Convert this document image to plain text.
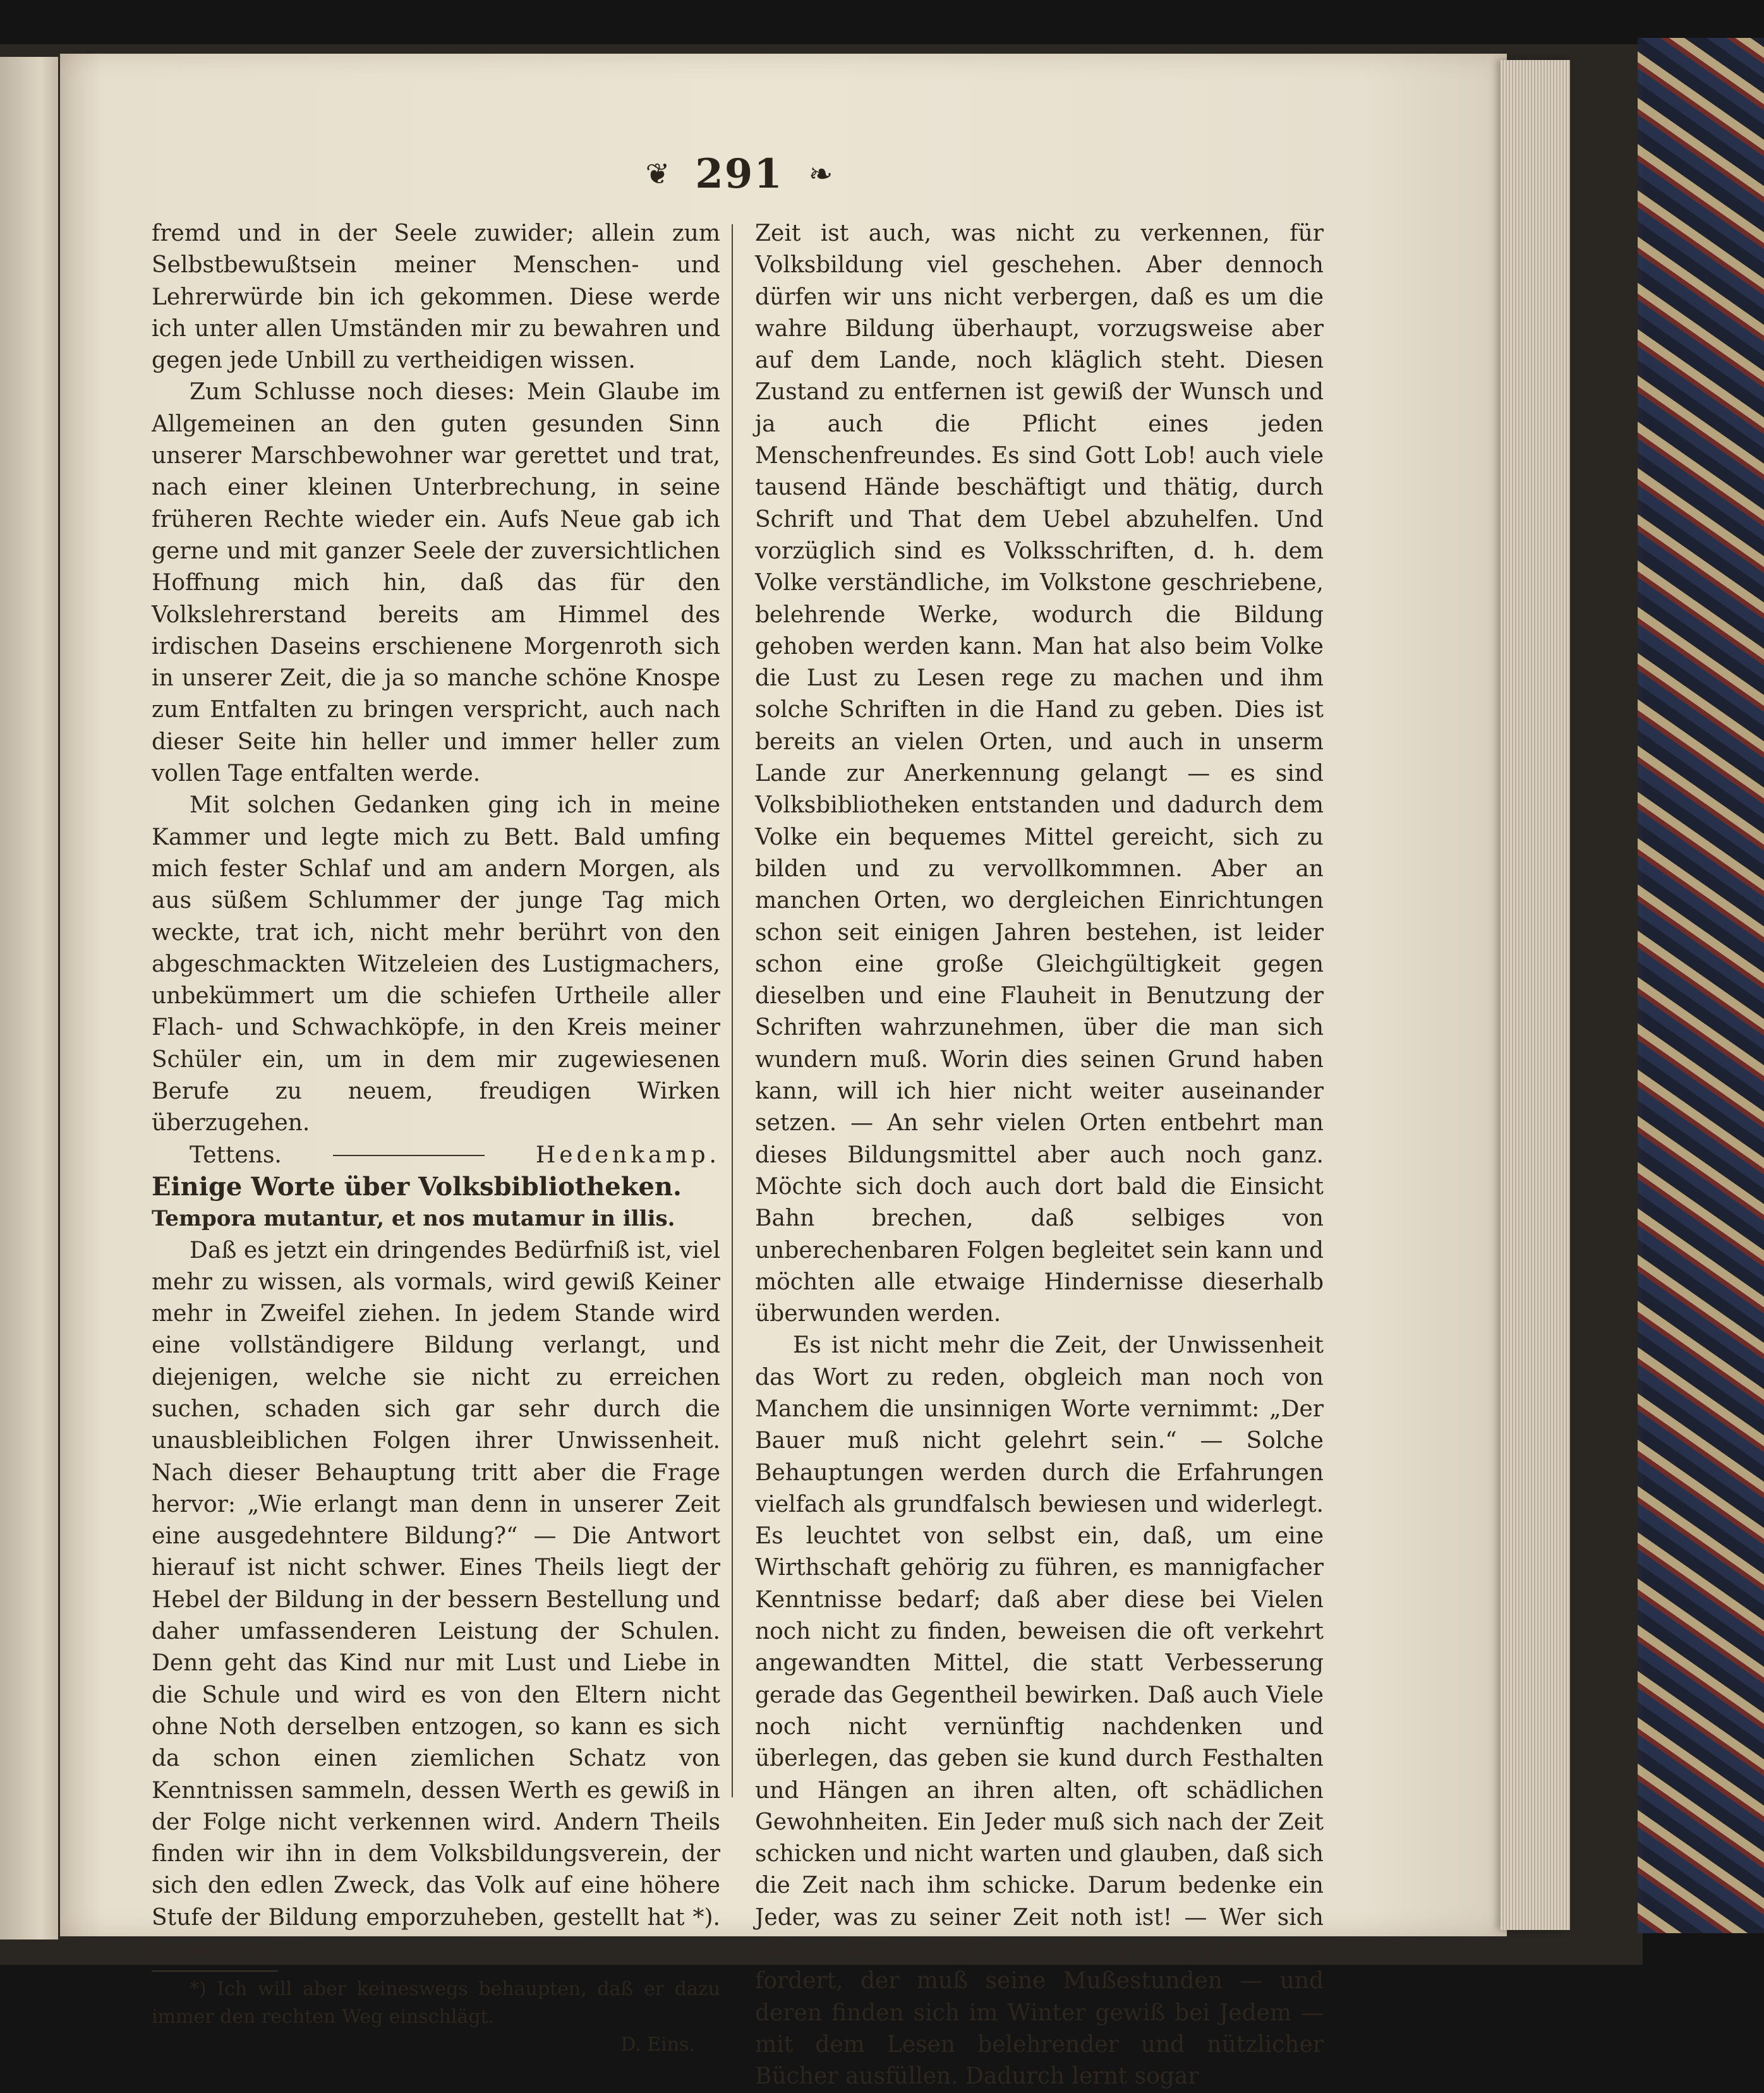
❦ 291 ❧

fremd und in der Seele zuwider; allein zum Selbstbewußtsein meiner Menschen- und Lehrerwürde bin ich gekommen. Diese werde ich unter allen Umständen mir zu bewahren und gegen jede Unbill zu vertheidigen wissen.

Zum Schlusse noch dieses: Mein Glaube im Allgemeinen an den guten gesunden Sinn unserer Marschbewohner war gerettet und trat, nach einer kleinen Unterbrechung, in seine früheren Rechte wieder ein. Aufs Neue gab ich gerne und mit ganzer Seele der zuversichtlichen Hoffnung mich hin, daß das für den Volkslehrerstand bereits am Himmel des irdischen Daseins erschienene Morgenroth sich in unserer Zeit, die ja so manche schöne Knospe zum Entfalten zu bringen verspricht, auch nach dieser Seite hin heller und immer heller zum vollen Tage entfalten werde.

Mit solchen Gedanken ging ich in meine Kammer und legte mich zu Bett. Bald umfing mich fester Schlaf und am andern Morgen, als aus süßem Schlummer der junge Tag mich weckte, trat ich, nicht mehr berührt von den abgeschmackten Witzeleien des Lustigmachers, unbekümmert um die schiefen Urtheile aller Flach- und Schwachköpfe, in den Kreis meiner Schüler ein, um in dem mir zugewiesenen Berufe zu neuem, freudigen Wirken überzugehen.

Tettens.	Hedenkamp.

Einige Worte über Volksbibliotheken.

Tempora mutantur, et nos mutamur in illis.

Daß es jetzt ein dringendes Bedürfniß ist, viel mehr zu wissen, als vormals, wird gewiß Keiner mehr in Zweifel ziehen. In jedem Stande wird eine vollständigere Bildung verlangt, und diejenigen, welche sie nicht zu erreichen suchen, schaden sich gar sehr durch die unausbleiblichen Folgen ihrer Unwissenheit. Nach dieser Behauptung tritt aber die Frage hervor: „Wie erlangt man denn in unserer Zeit eine ausgedehntere Bildung?“ — Die Antwort hierauf ist nicht schwer. Eines Theils liegt der Hebel der Bildung in der bessern Bestellung und daher umfassenderen Leistung der Schulen. Denn geht das Kind nur mit Lust und Liebe in die Schule und wird es von den Eltern nicht ohne Noth derselben entzogen, so kann es sich da schon einen ziemlichen Schatz von Kenntnissen sammeln, dessen Werth es gewiß in der Folge nicht verkennen wird. Andern Theils finden wir ihn in dem Volksbildungsverein, der sich den edlen Zweck, das Volk auf eine höhere Stufe der Bildung emporzuheben, gestellt hat *). In neuerer

*) Ich will aber keineswegs behaupten, daß er dazu immer den rechten Weg einschlägt.

D. Eins.

Zeit ist auch, was nicht zu verkennen, für Volksbildung viel geschehen. Aber dennoch dürfen wir uns nicht verbergen, daß es um die wahre Bildung überhaupt, vorzugsweise aber auf dem Lande, noch kläglich steht. Diesen Zustand zu entfernen ist gewiß der Wunsch und ja auch die Pflicht eines jeden Menschenfreundes. Es sind Gott Lob! auch viele tausend Hände beschäftigt und thätig, durch Schrift und That dem Uebel abzuhelfen. Und vorzüglich sind es Volksschriften, d. h. dem Volke verständliche, im Volkstone geschriebene, belehrende Werke, wodurch die Bildung gehoben werden kann. Man hat also beim Volke die Lust zu Lesen rege zu machen und ihm solche Schriften in die Hand zu geben. Dies ist bereits an vielen Orten, und auch in unserm Lande zur Anerkennung gelangt — es sind Volksbibliotheken entstanden und dadurch dem Volke ein bequemes Mittel gereicht, sich zu bilden und zu vervollkommnen. Aber an manchen Orten, wo dergleichen Einrichtungen schon seit einigen Jahren bestehen, ist leider schon eine große Gleichgültigkeit gegen dieselben und eine Flauheit in Benutzung der Schriften wahrzunehmen, über die man sich wundern muß. Worin dies seinen Grund haben kann, will ich hier nicht weiter auseinander setzen. — An sehr vielen Orten entbehrt man dieses Bildungsmittel aber auch noch ganz. Möchte sich doch auch dort bald die Einsicht Bahn brechen, daß selbiges von unberechenbaren Folgen begleitet sein kann und möchten alle etwaige Hindernisse dieserhalb überwunden werden.

Es ist nicht mehr die Zeit, der Unwissenheit das Wort zu reden, obgleich man noch von Manchem die unsinnigen Worte vernimmt: „Der Bauer muß nicht gelehrt sein.“ — Solche Behauptungen werden durch die Erfahrungen vielfach als grundfalsch bewiesen und widerlegt. Es leuchtet von selbst ein, daß, um eine Wirthschaft gehörig zu führen, es mannigfacher Kenntnisse bedarf; daß aber diese bei Vielen noch nicht zu finden, beweisen die oft verkehrt angewandten Mittel, die statt Verbesserung gerade das Gegentheil bewirken. Daß auch Viele noch nicht vernünftig nachdenken und überlegen, das geben sie kund durch Festhalten und Hängen an ihren alten, oft schädlichen Gewohnheiten. Ein Jeder muß sich nach der Zeit schicken und nicht warten und glauben, daß sich die Zeit nach ihm schicke. Darum bedenke ein Jeder, was zu seiner Zeit noth ist! — Wer sich aber so bilden will, wie es die gegenwärtige Zeit fordert, der muß seine Mußestunden — und deren finden sich im Winter gewiß bei Jedem — mit dem Lesen belehrender und nützlicher Bücher ausfüllen. Dadurch lernt sogar
